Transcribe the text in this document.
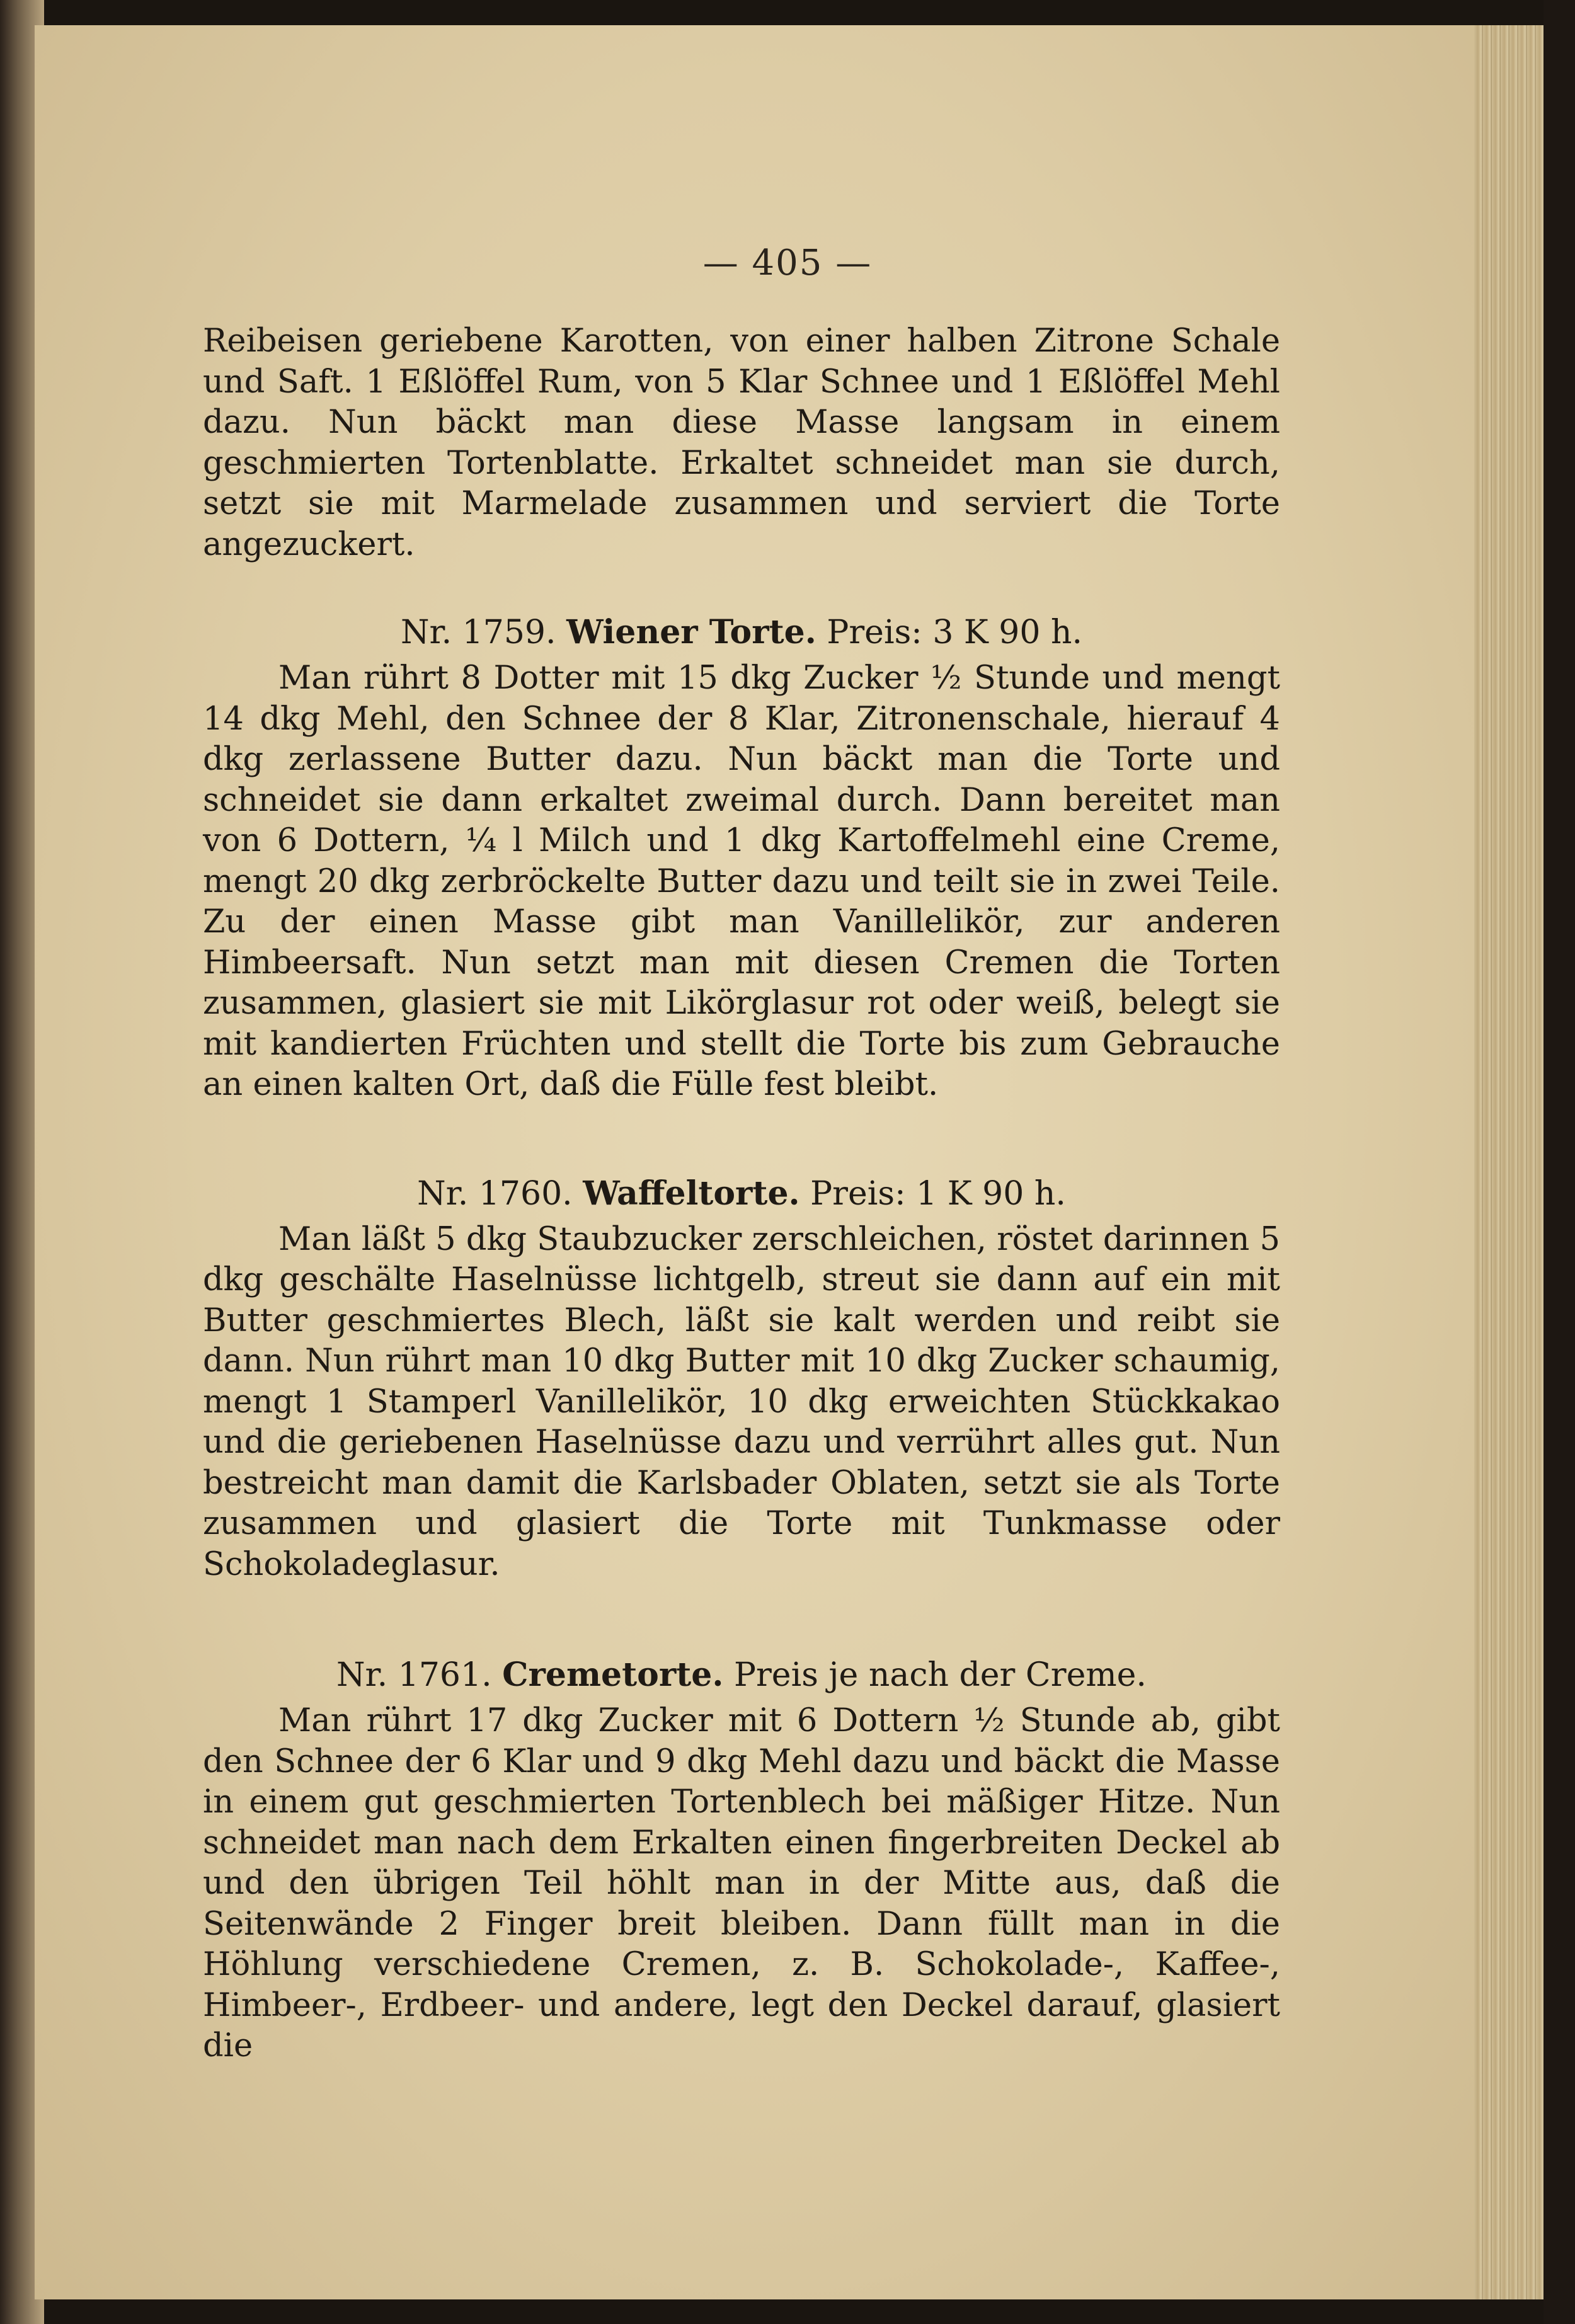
— 405 —

Reibeisen geriebene Karotten, von einer halben Zitrone Schale und Saft. 1 Eßlöffel Rum, von 5 Klar Schnee und 1 Eßlöffel Mehl dazu. Nun bäckt man diese Masse langsam in einem geschmierten Tortenblatte. Erkaltet schneidet man sie durch, setzt sie mit Marmelade zusammen und serviert die Torte angezuckert.

Nr. 1759. Wiener Torte. Preis: 3 K 90 h.

Man rührt 8 Dotter mit 15 dkg Zucker ½ Stunde und mengt 14 dkg Mehl, den Schnee der 8 Klar, Zitronenschale, hierauf 4 dkg zerlassene Butter dazu. Nun bäckt man die Torte und schneidet sie dann erkaltet zweimal durch. Dann bereitet man von 6 Dottern, ¼ l Milch und 1 dkg Kartoffelmehl eine Creme, mengt 20 dkg zerbröckelte Butter dazu und teilt sie in zwei Teile. Zu der einen Masse gibt man Vanillelikör, zur anderen Himbeersaft. Nun setzt man mit diesen Cremen die Torten zusammen, glasiert sie mit Likörglasur rot oder weiß, belegt sie mit kandierten Früchten und stellt die Torte bis zum Gebrauche an einen kalten Ort, daß die Fülle fest bleibt.

Nr. 1760. Waffeltorte. Preis: 1 K 90 h.

Man läßt 5 dkg Staubzucker zerschleichen, röstet darinnen 5 dkg geschälte Haselnüsse lichtgelb, streut sie dann auf ein mit Butter geschmiertes Blech, läßt sie kalt werden und reibt sie dann. Nun rührt man 10 dkg Butter mit 10 dkg Zucker schaumig, mengt 1 Stamperl Vanillelikör, 10 dkg erweichten Stückkakao und die geriebenen Haselnüsse dazu und verrührt alles gut. Nun bestreicht man damit die Karlsbader Oblaten, setzt sie als Torte zusammen und glasiert die Torte mit Tunkmasse oder Schokoladeglasur.

Nr. 1761. Cremetorte. Preis je nach der Creme.

Man rührt 17 dkg Zucker mit 6 Dottern ½ Stunde ab, gibt den Schnee der 6 Klar und 9 dkg Mehl dazu und bäckt die Masse in einem gut geschmierten Tortenblech bei mäßiger Hitze. Nun schneidet man nach dem Erkalten einen fingerbreiten Deckel ab und den übrigen Teil höhlt man in der Mitte aus, daß die Seitenwände 2 Finger breit bleiben. Dann füllt man in die Höhlung verschiedene Cremen, z. B. Schokolade-, Kaffee-, Himbeer-, Erdbeer- und andere, legt den Deckel darauf, glasiert die
